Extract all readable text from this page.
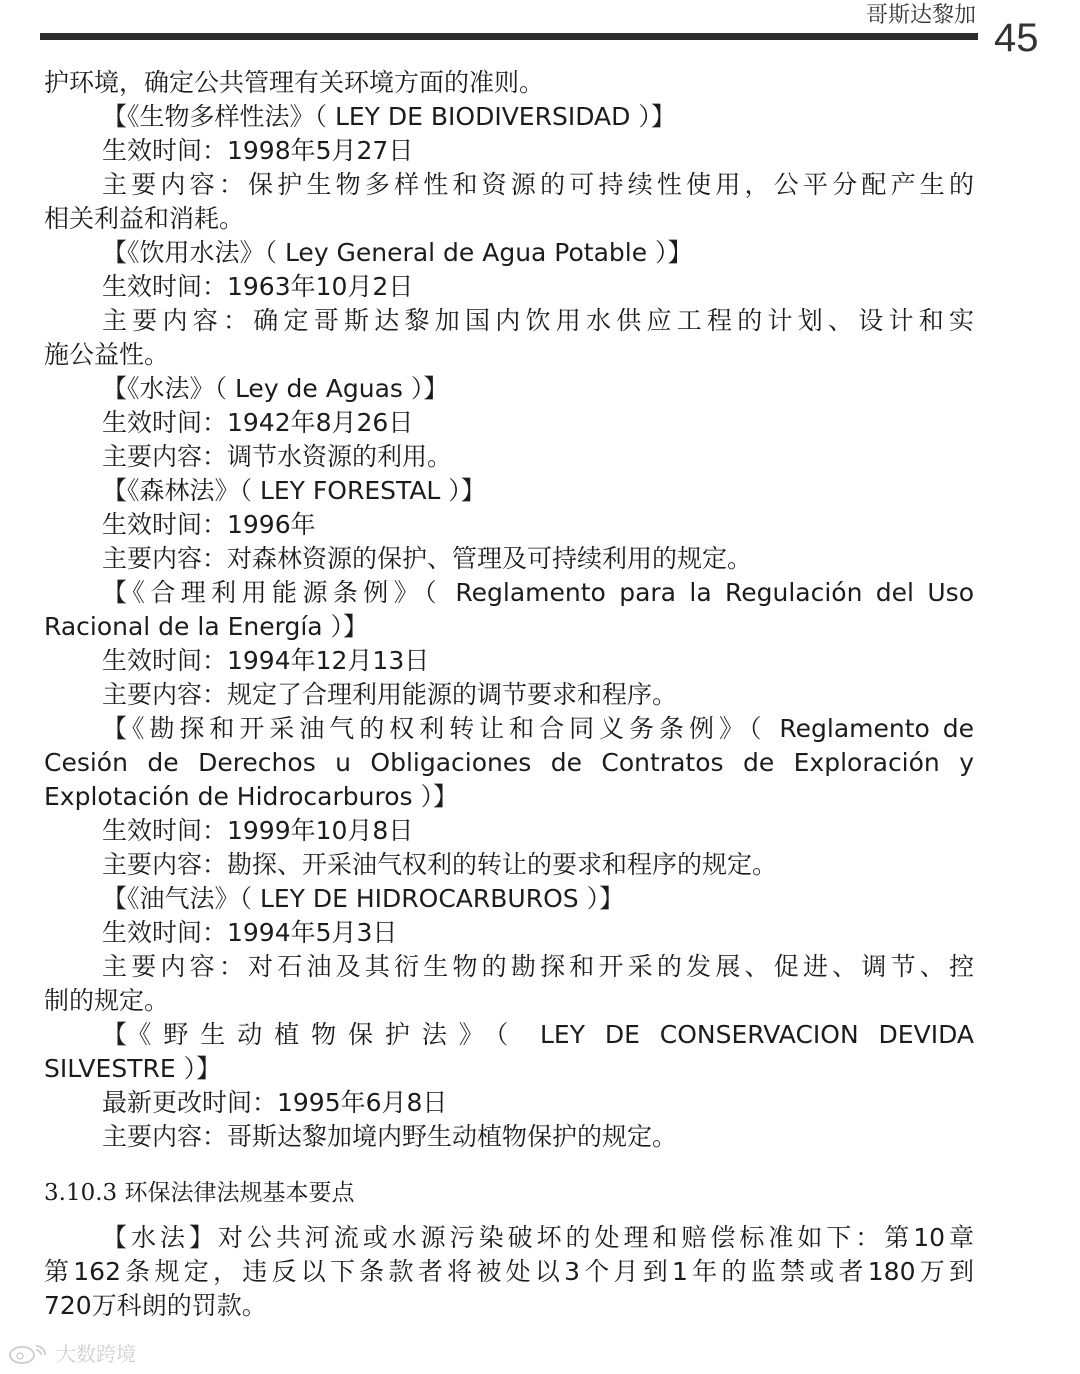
哥斯达黎加
45
护环境，确定公共管理有关环境方面的准则。
【《生物多样性法》（ LEY DE BIODIVERSIDAD ）】
生效时间：1998年5月27日
主要内容：保护生物多样性和资源的可持续性使用，公平分配产生的
相关利益和消耗。
【《饮用水法》（ Ley General de Agua Potable ）】
生效时间：1963年10月2日
主要内容：确定哥斯达黎加国内饮用水供应工程的计划、设计和实
施公益性。
【《水法》（ Ley de Aguas ）】
生效时间：1942年8月26日
主要内容：调节水资源的利用。
【《森林法》（ LEY FORESTAL ）】
生效时间：1996年
主要内容：对森林资源的保护、管理及可持续利用的规定。
【《合理利用能源条例》（ Reglamento para la Regulación del Uso
Racional de la Energía ）】
生效时间：1994年12月13日
主要内容：规定了合理利用能源的调节要求和程序。
【《勘探和开采油气的权利转让和合同义务条例》（ Reglamento de
Cesión de Derechos u Obligaciones de Contratos de Exploración y
Explotación de Hidrocarburos ）】
生效时间：1999年10月8日
主要内容：勘探、开采油气权利的转让的要求和程序的规定。
【《油气法》（ LEY DE HIDROCARBUROS ）】
生效时间：1994年5月3日
主要内容：对石油及其衍生物的勘探和开采的发展、促进、调节、控
制的规定。
【《野生动植物保护法》（ LEY DE CONSERVACION DEVIDA
SILVESTRE ）】
最新更改时间：1995年6月8日
主要内容：哥斯达黎加境内野生动植物保护的规定。
3.10.3 环保法律法规基本要点
【水法】对公共河流或水源污染破坏的处理和赔偿标准如下：第10章
第162条规定，违反以下条款者将被处以3个月到1年的监禁或者180万到
720万科朗的罚款。
大数跨境
